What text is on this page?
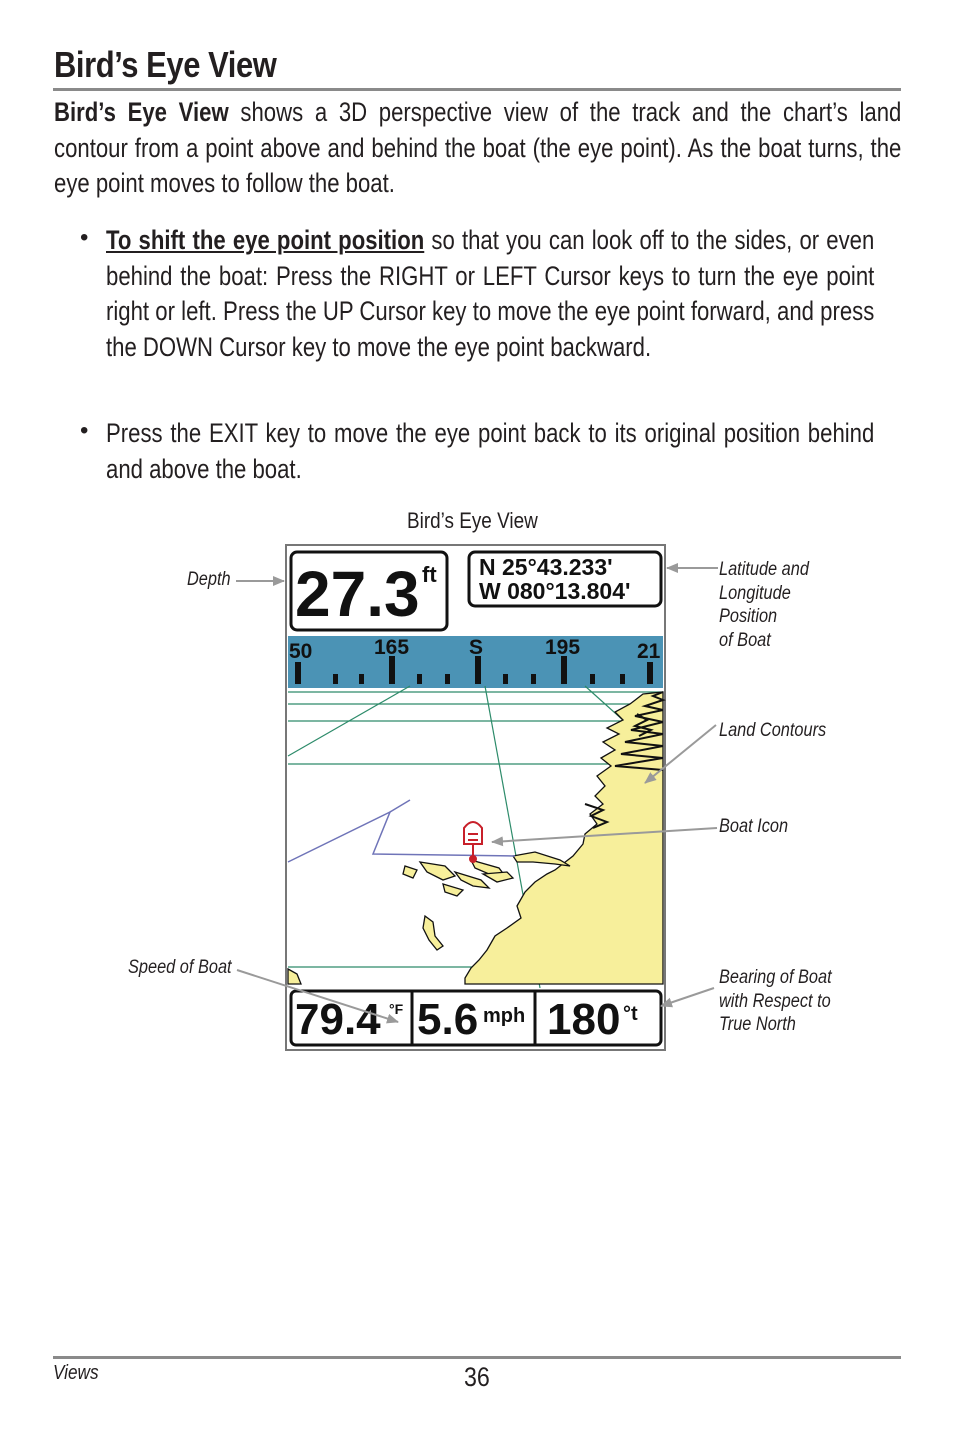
Bird’s Eye View

Bird’s Eye View shows a 3D perspective view of the track and the chart’s land contour from a point above and behind the boat (the eye point). As the boat turns, the eye point moves to follow the boat.

• To shift the eye point position so that you can look off to the sides, or even behind the boat: Press the RIGHT or LEFT Cursor keys to turn the eye point right or left. Press the UP Cursor key to move the eye point forward, and press the DOWN Cursor key to move the eye point backward.

• Press the EXIT key to move the eye point back to its original position behind and above the boat.

Bird’s Eye View
50	165	S	195	21
27.3 ft N 25°43.233'
W 080°13.804'
79.4 °F 5.6 mph 180 °t
Depth	Latitude and
Longitude
Position
of Boat
Land Contours
Boat Icon
Speed of Boat	Bearing of Boat
with Respect to
True North
Views	36
